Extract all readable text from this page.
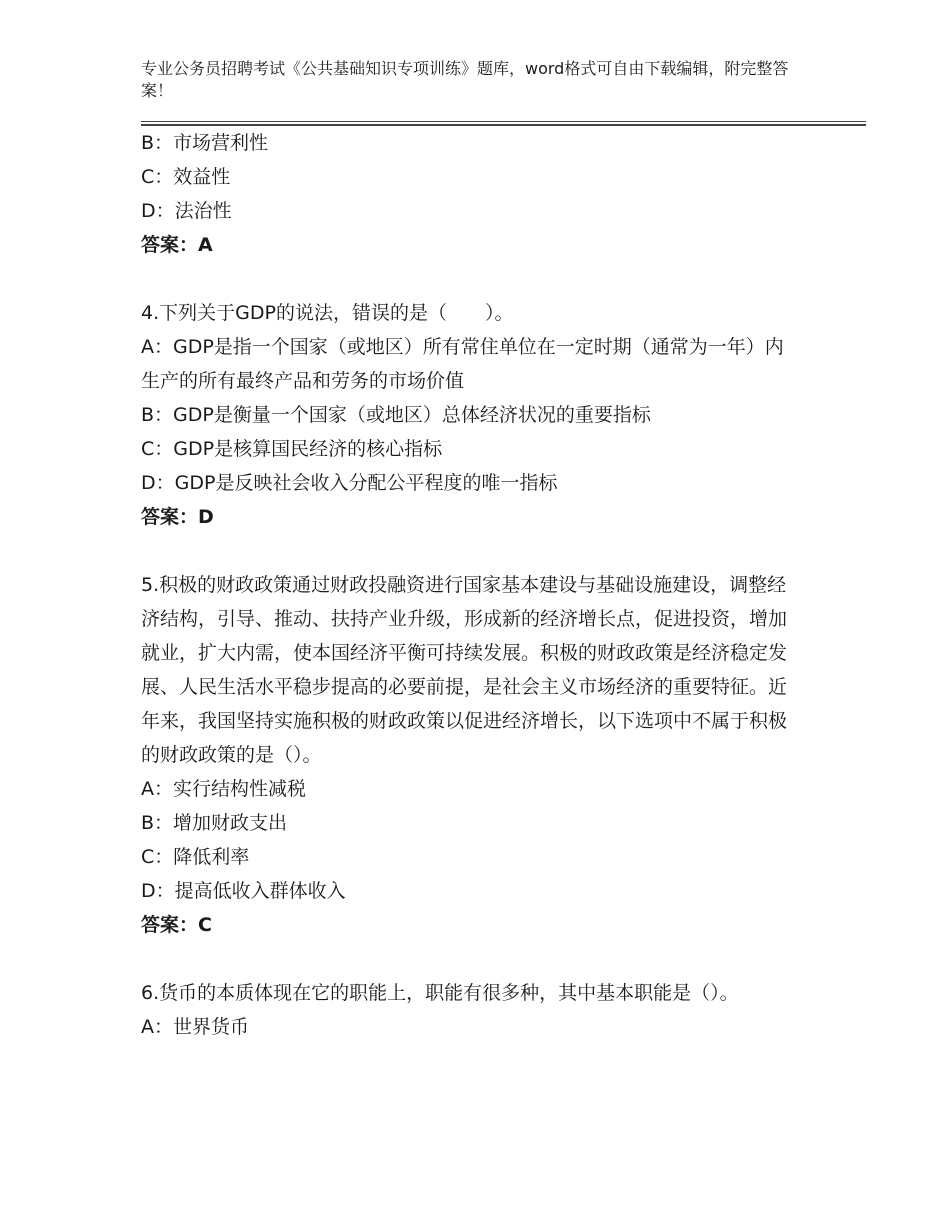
专业公务员招聘考试《公共基础知识专项训练》题库，word格式可自由下载编辑，附完整答案！

B：市场营利性

C：效益性

D：法治性

答案：A

4.下列关于GDP的说法，错误的是（　　）。

A：GDP是指一个国家（或地区）所有常住单位在一定时期（通常为一年）内生产的所有最终产品和劳务的市场价值

B：GDP是衡量一个国家（或地区）总体经济状况的重要指标

C：GDP是核算国民经济的核心指标

D：GDP是反映社会收入分配公平程度的唯一指标

答案：D

5.积极的财政政策通过财政投融资进行国家基本建设与基础设施建设，调整经济结构，引导、推动、扶持产业升级，形成新的经济增长点，促进投资，增加就业，扩大内需，使本国经济平衡可持续发展。积极的财政政策是经济稳定发展、人民生活水平稳步提高的必要前提，是社会主义市场经济的重要特征。近年来，我国坚持实施积极的财政政策以促进经济增长，以下选项中不属于积极的财政政策的是（）。

A：实行结构性减税

B：增加财政支出

C：降低利率

D：提高低收入群体收入

答案：C

6.货币的本质体现在它的职能上，职能有很多种，其中基本职能是（）。

A：世界货币
